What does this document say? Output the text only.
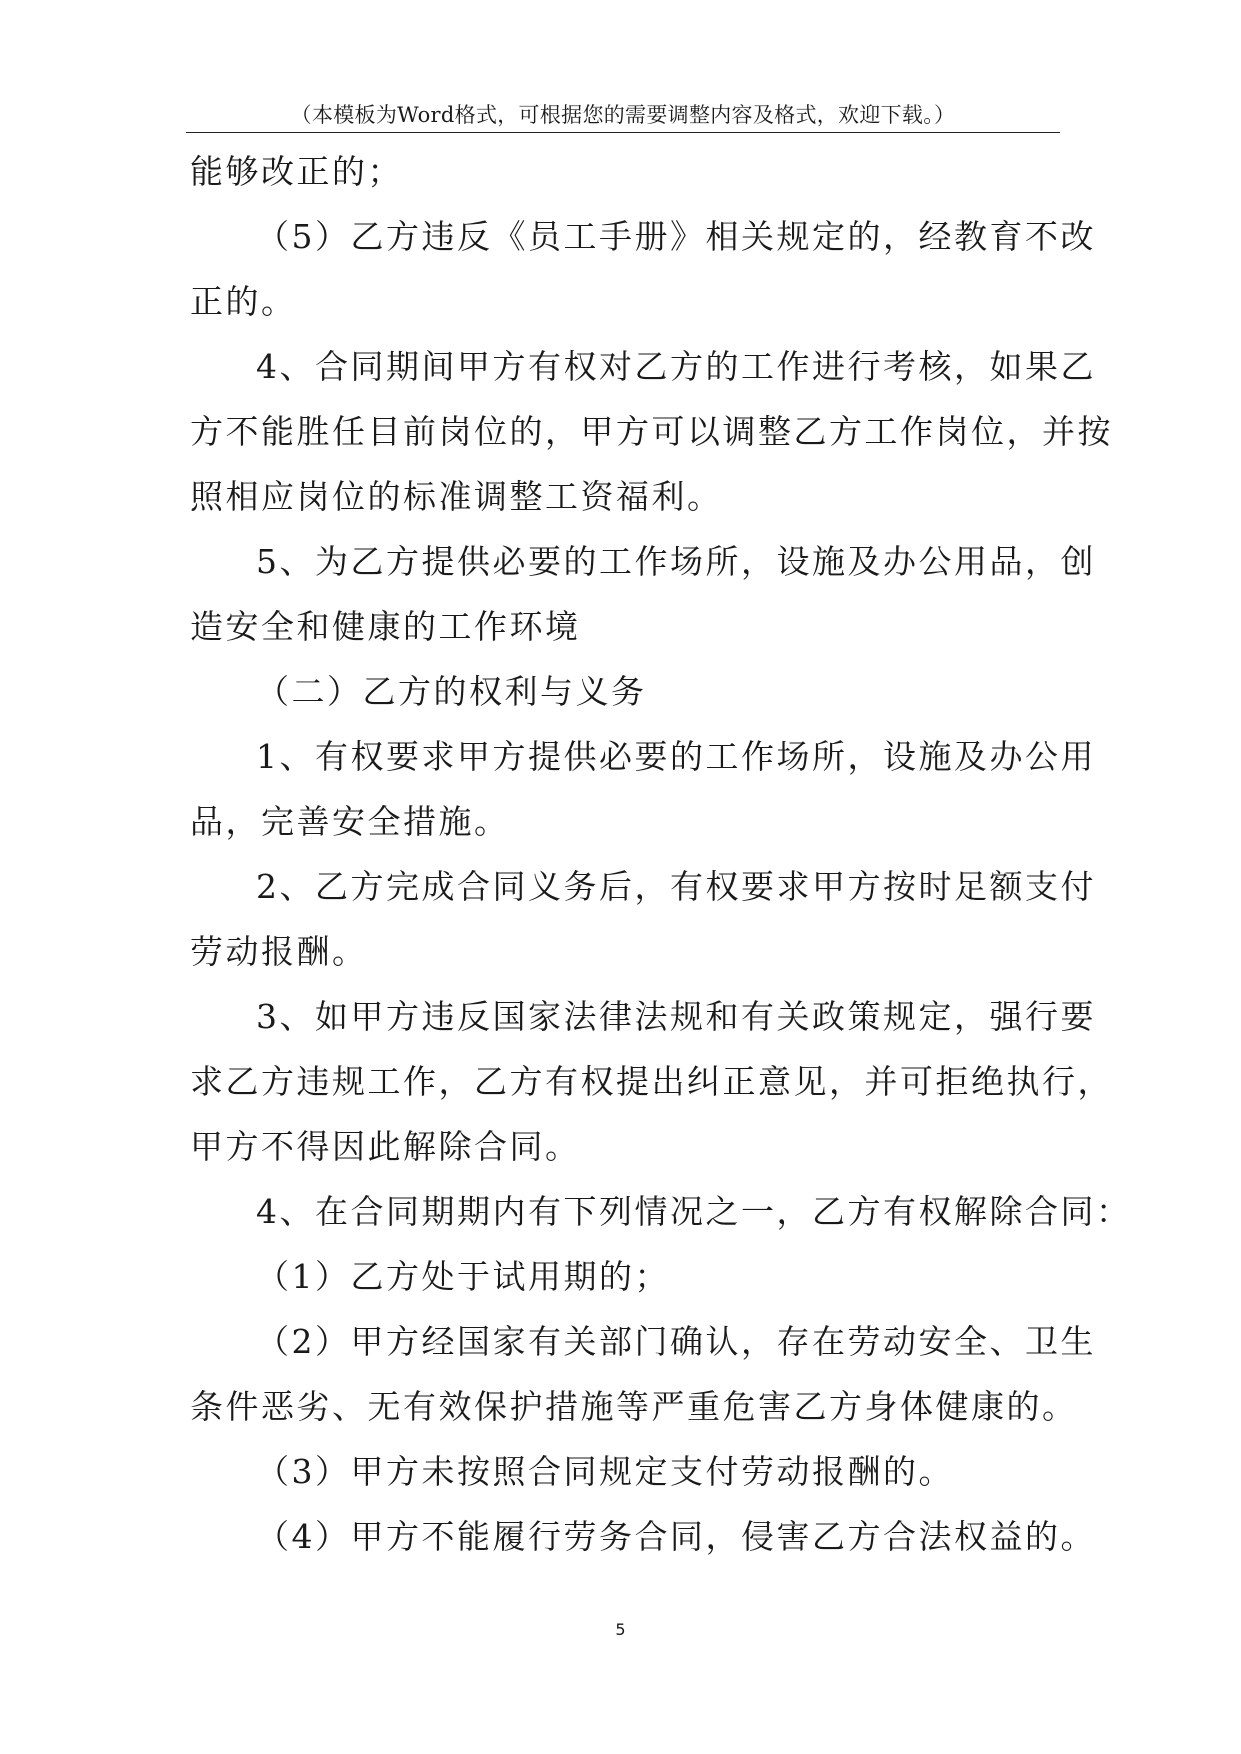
（本模板为Word格式，可根据您的需要调整内容及格式，欢迎下载。）
能够改正的；
（5）乙方违反《员工手册》相关规定的，经教育不改
正的。
4、合同期间甲方有权对乙方的工作进行考核，如果乙
方不能胜任目前岗位的，甲方可以调整乙方工作岗位，并按
照相应岗位的标准调整工资福利。
5、为乙方提供必要的工作场所，设施及办公用品，创
造安全和健康的工作环境
（二）乙方的权利与义务
1、有权要求甲方提供必要的工作场所，设施及办公用
品，完善安全措施。
2、乙方完成合同义务后，有权要求甲方按时足额支付
劳动报酬。
3、如甲方违反国家法律法规和有关政策规定，强行要
求乙方违规工作，乙方有权提出纠正意见，并可拒绝执行，
甲方不得因此解除合同。
4、在合同期期内有下列情况之一，乙方有权解除合同：
（1）乙方处于试用期的；
（2）甲方经国家有关部门确认，存在劳动安全、卫生
条件恶劣、无有效保护措施等严重危害乙方身体健康的。
（3）甲方未按照合同规定支付劳动报酬的。
（4）甲方不能履行劳务合同，侵害乙方合法权益的。
5
